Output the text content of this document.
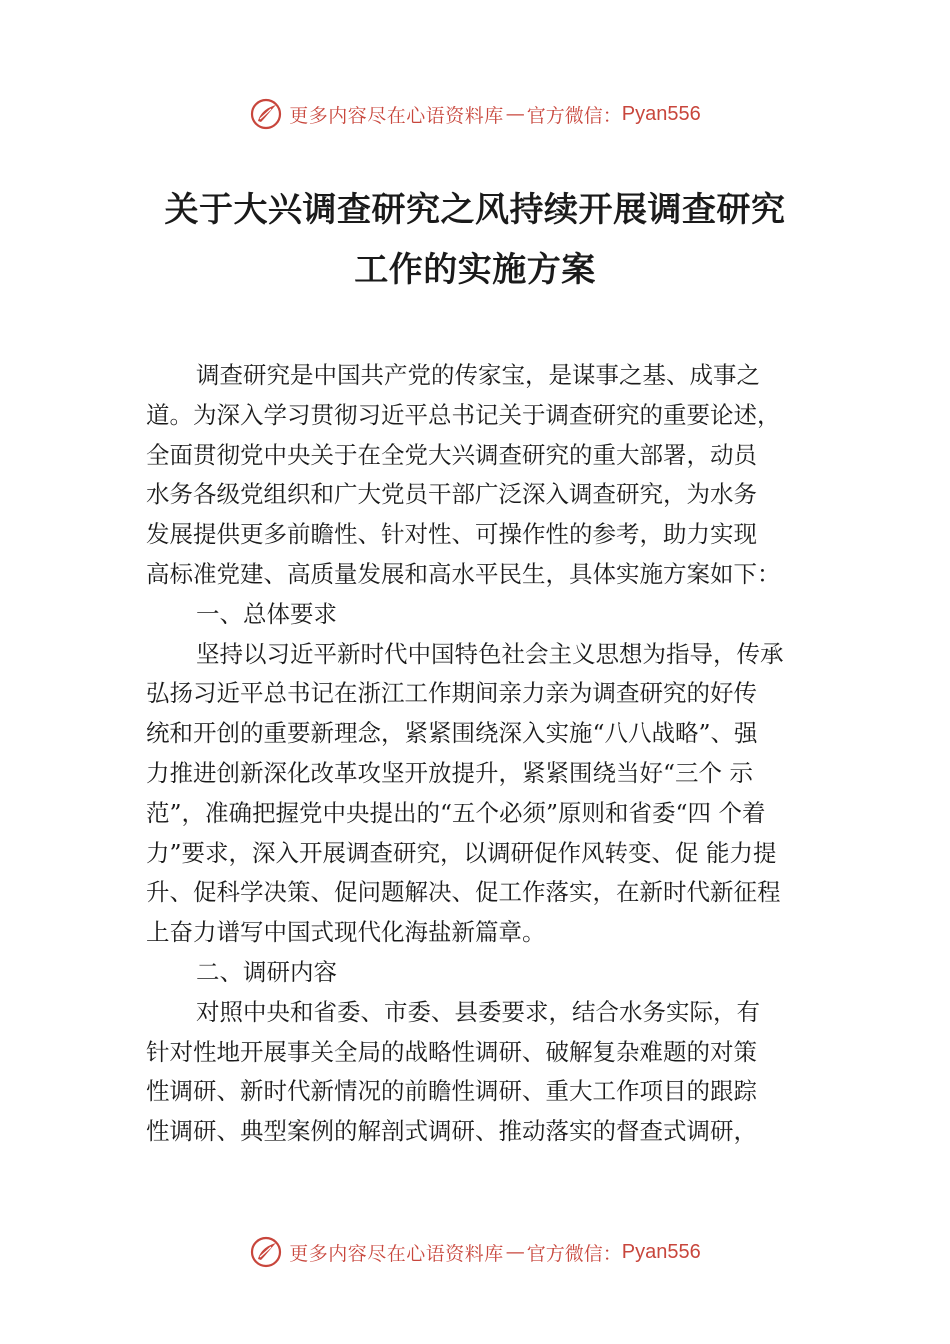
更多内容尽在心语资料库 — 官方微信： Pyan556
关于大兴调查研究之风持续开展调查研究
工作的实施方案
调查研究是中国共产党的传家宝，是谋事之基、成事之
道。为深入学习贯彻习近平总书记关于调查研究的重要论述，
全面贯彻党中央关于在全党大兴调查研究的重大部署，动员
水务各级党组织和广大党员干部广泛深入调查研究，为水务
发展提供更多前瞻性、针对性、可操作性的参考，助力实现
高标准党建、高质量发展和高水平民生，具体实施方案如下：
一、总体要求
坚持以习近平新时代中国特色社会主义思想为指导，传承
弘扬习近平总书记在浙江工作期间亲力亲为调查研究的好传
统和开创的重要新理念，紧紧围绕深入实施“八八战略”、强
力推进创新深化改革攻坚开放提升，紧紧围绕当好“三个 示
范”，准确把握党中央提出的“五个必须”原则和省委“四 个着
力”要求，深入开展调查研究，以调研促作风转变、促 能力提
升、促科学决策、促问题解决、促工作落实，在新时代新征程
上奋力谱写中国式现代化海盐新篇章。
二、调研内容
对照中央和省委、市委、县委要求，结合水务实际，有
针对性地开展事关全局的战略性调研、破解复杂难题的对策
性调研、新时代新情况的前瞻性调研、重大工作项目的跟踪
性调研、典型案例的解剖式调研、推动落实的督查式调研，
更多内容尽在心语资料库 — 官方微信： Pyan556
